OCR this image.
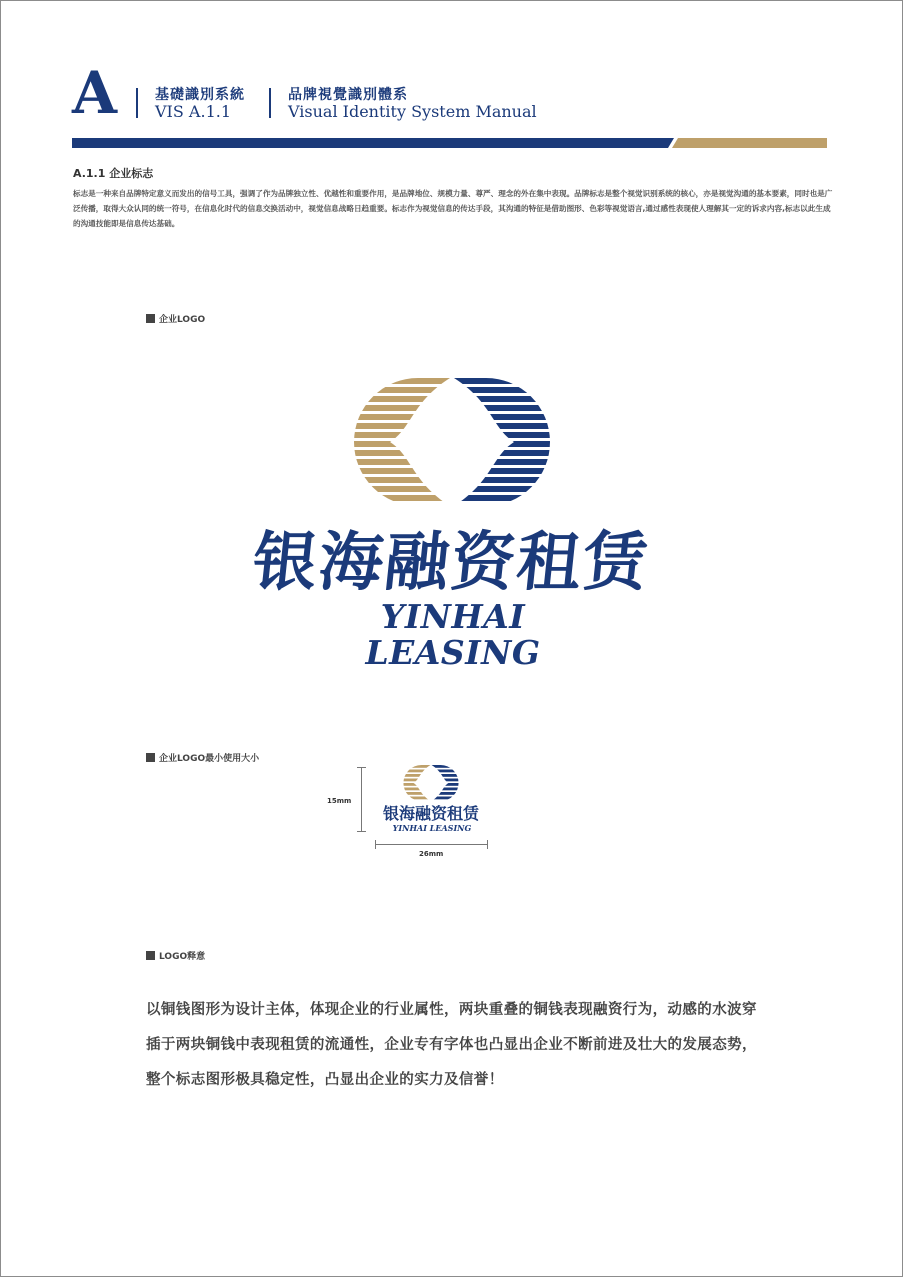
A	基礎識別系統
VIS A.1.1
品牌視覺識別體系
Visual Identity System Manual
A.1.1 企业标志
标志是一种来自品牌特定意义而发出的信号工具，强调了作为品牌独立性、优越性和重要作用，是品牌地位、规模力量、尊严、理念的外在集中表现。品牌标志是整个视觉识别系统的核心，亦是视觉沟通的基本要素，同时也是广泛传播，取得大众认同的统一符号，在信息化时代的信息交换活动中，视觉信息战略日趋重要。标志作为视觉信息的传达手段，其沟通的特征是借助图形、色彩等视觉语言,通过感性表现使人理解其一定的诉求内容,标志以此生成的沟通技能即是信息传达基础。
企业LOGO
银海融资租赁
YINHAI LEASING
企业LOGO最小使用大小
银海融资租赁
YINHAI LEASING
15mm
26mm
LOGO释意
以铜钱图形为设计主体，体现企业的行业属性，两块重叠的铜钱表现融资行为，动感的水波穿插于两块铜钱中表现租赁的流通性，企业专有字体也凸显出企业不断前进及壮大的发展态势，整个标志图形极具稳定性，凸显出企业的实力及信誉！
